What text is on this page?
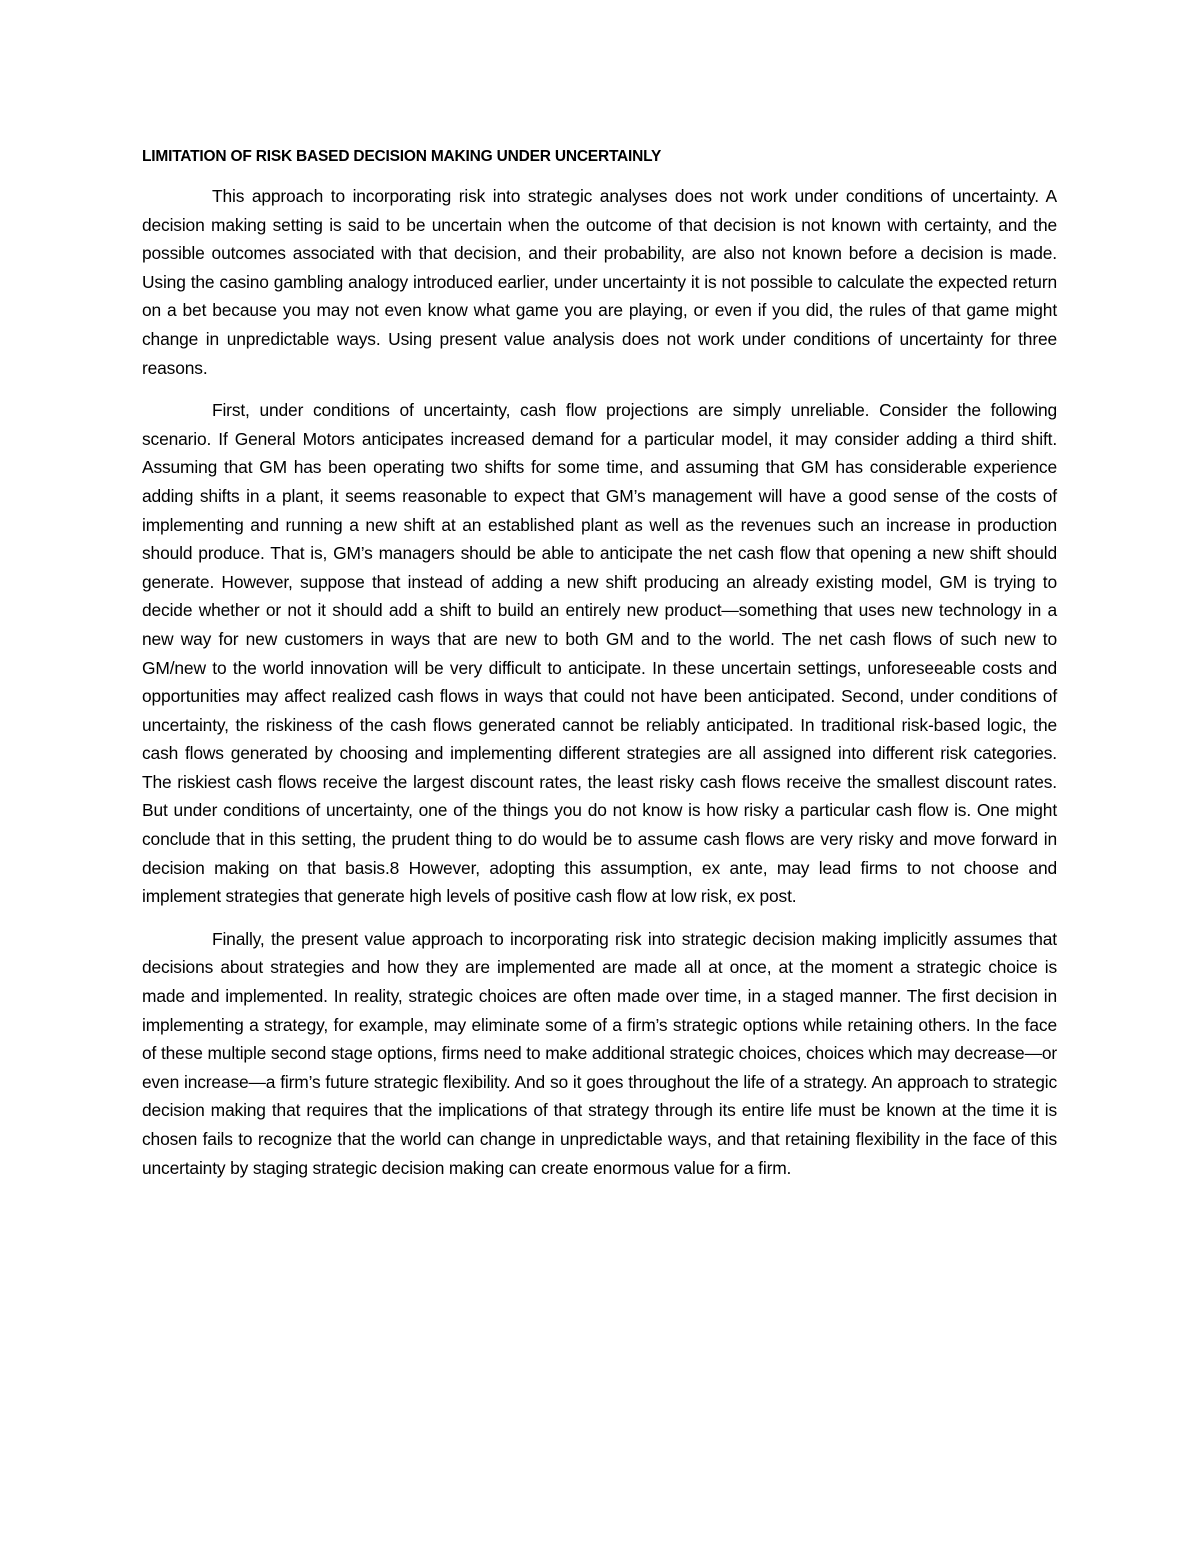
LIMITATION OF RISK BASED DECISION MAKING UNDER UNCERTAINLY

This approach to incorporating risk into strategic analyses does not work under conditions of uncertainty. A decision making setting is said to be uncertain when the outcome of that decision is not known with certainty, and the possible outcomes associated with that decision, and their probability, are also not known before a decision is made. Using the casino gambling analogy introduced earlier, under uncertainty it is not possible to calculate the expected return on a bet because you may not even know what game you are playing, or even if you did, the rules of that game might change in unpredictable ways. Using present value analysis does not work under conditions of uncertainty for three reasons.

First, under conditions of uncertainty, cash flow projections are simply unreliable. Consider the following scenario. If General Motors anticipates increased demand for a particular model, it may consider adding a third shift. Assuming that GM has been operating two shifts for some time, and assuming that GM has considerable experience adding shifts in a plant, it seems reasonable to expect that GM’s management will have a good sense of the costs of implementing and running a new shift at an established plant as well as the revenues such an increase in production should produce. That is, GM’s managers should be able to anticipate the net cash flow that opening a new shift should generate. However, suppose that instead of adding a new shift producing an already existing model, GM is trying to decide whether or not it should add a shift to build an entirely new product—something that uses new technology in a new way for new customers in ways that are new to both GM and to the world. The net cash flows of such new to GM/new to the world innovation will be very difficult to anticipate. In these uncertain settings, unforeseeable costs and opportunities may affect realized cash flows in ways that could not have been anticipated. Second, under conditions of uncertainty, the riskiness of the cash flows generated cannot be reliably anticipated. In traditional risk-based logic, the cash flows generated by choosing and implementing different strategies are all assigned into different risk categories. The riskiest cash flows receive the largest discount rates, the least risky cash flows receive the smallest discount rates. But under conditions of uncertainty, one of the things you do not know is how risky a particular cash flow is. One might conclude that in this setting, the prudent thing to do would be to assume cash flows are very risky and move forward in decision making on that basis.8 However, adopting this assumption, ex ante, may lead firms to not choose and implement strategies that generate high levels of positive cash flow at low risk, ex post.

Finally, the present value approach to incorporating risk into strategic decision making implicitly assumes that decisions about strategies and how they are implemented are made all at once, at the moment a strategic choice is made and implemented. In reality, strategic choices are often made over time, in a staged manner. The first decision in implementing a strategy, for example, may eliminate some of a firm’s strategic options while retaining others. In the face of these multiple second stage options, firms need to make additional strategic choices, choices which may decrease—or even increase—a firm’s future strategic flexibility. And so it goes throughout the life of a strategy. An approach to strategic decision making that requires that the implications of that strategy through its entire life must be known at the time it is chosen fails to recognize that the world can change in unpredictable ways, and that retaining flexibility in the face of this uncertainty by staging strategic decision making can create enormous value for a firm.
